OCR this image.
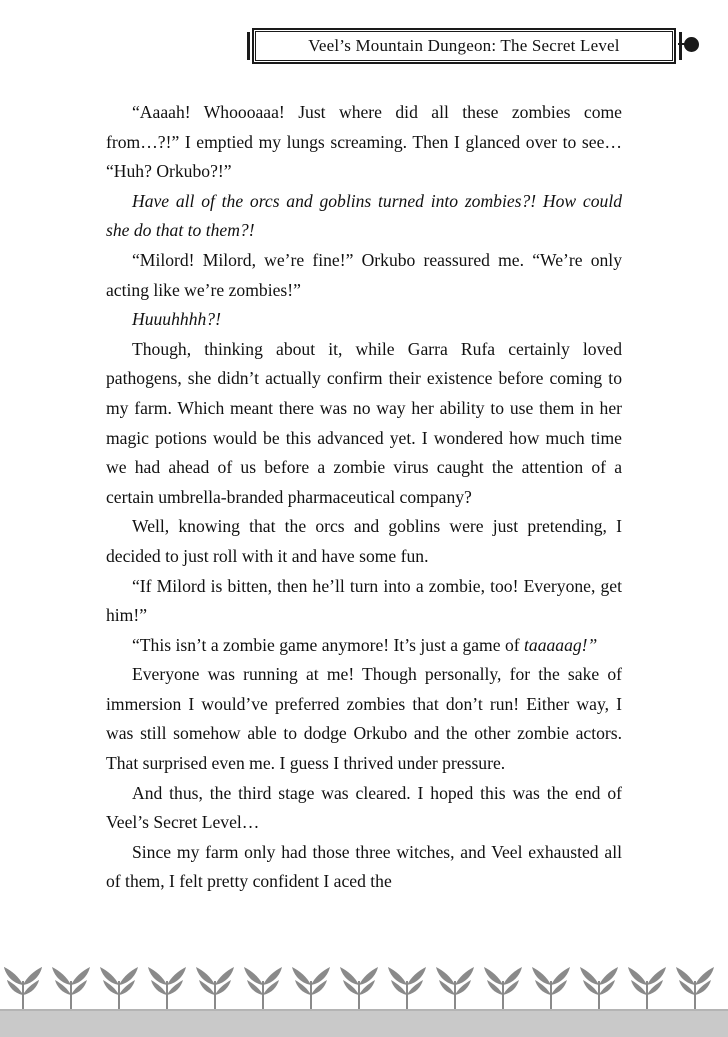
Veel’s Mountain Dungeon: The Secret Level

“Aaaah! Whoooaaa! Just where did all these zombies come from…?!” I emptied my lungs screaming. Then I glanced over to see… “Huh? Orkubo?!”

Have all of the orcs and goblins turned into zombies?! How could she do that to them?!

“Milord! Milord, we’re fine!” Orkubo reassured me. “We’re only acting like we’re zombies!”

Huuuhhhh?!

Though, thinking about it, while Garra Rufa certainly loved pathogens, she didn’t actually confirm their existence before coming to my farm. Which meant there was no way her ability to use them in her magic potions would be this advanced yet. I wondered how much time we had ahead of us before a zombie virus caught the attention of a certain umbrella-branded pharmaceutical company?

Well, knowing that the orcs and goblins were just pretending, I decided to just roll with it and have some fun.

“If Milord is bitten, then he’ll turn into a zombie, too! Everyone, get him!”

“This isn’t a zombie game anymore! It’s just a game of taaaaag!”

Everyone was running at me! Though personally, for the sake of immersion I would’ve preferred zombies that don’t run! Either way, I was still somehow able to dodge Orkubo and the other zombie actors. That surprised even me. I guess I thrived under pressure.

And thus, the third stage was cleared. I hoped this was the end of Veel’s Secret Level…

Since my farm only had those three witches, and Veel exhausted all of them, I felt pretty confident I aced the
